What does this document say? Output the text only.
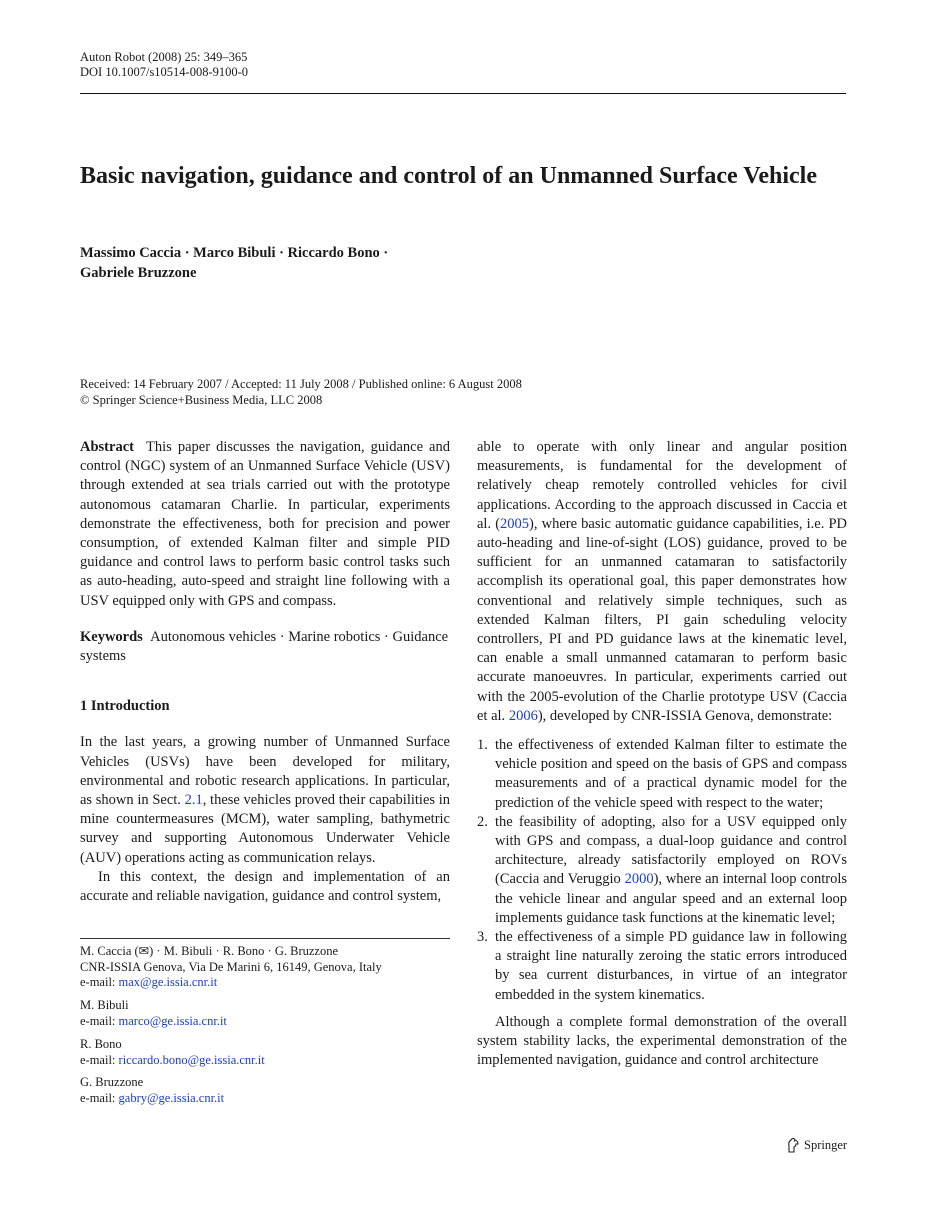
Auton Robot (2008) 25: 349–365
DOI 10.1007/s10514-008-9100-0
Basic navigation, guidance and control of an Unmanned Surface Vehicle
Massimo Caccia · Marco Bibuli · Riccardo Bono ·
Gabriele Bruzzone
Received: 14 February 2007 / Accepted: 11 July 2008 / Published online: 6 August 2008
© Springer Science+Business Media, LLC 2008

Abstract This paper discusses the navigation, guidance and control (NGC) system of an Unmanned Surface Vehicle (USV) through extended at sea trials carried out with the prototype autonomous catamaran Charlie. In particular, experiments demonstrate the effectiveness, both for precision and power consumption, of extended Kalman filter and simple PID guidance and control laws to perform basic control tasks such as auto-heading, auto-speed and straight line following with a USV equipped only with GPS and compass.

Keywords Autonomous vehicles · Marine robotics · Guidance systems

1 Introduction

In the last years, a growing number of Unmanned Surface Vehicles (USVs) have been developed for military, environmental and robotic research applications. In particular, as shown in Sect. 2.1, these vehicles proved their capabilities in mine countermeasures (MCM), water sampling, bathymetric survey and supporting Autonomous Underwater Vehicle (AUV) operations acting as communication relays.

In this context, the design and implementation of an accurate and reliable navigation, guidance and control system,

M. Caccia (✉) · M. Bibuli · R. Bono · G. Bruzzone
CNR-ISSIA Genova, Via De Marini 6, 16149, Genova, Italy
e-mail: max@ge.issia.cnr.it
M. Bibuli
e-mail: marco@ge.issia.cnr.it
R. Bono
e-mail: riccardo.bono@ge.issia.cnr.it
G. Bruzzone
e-mail: gabry@ge.issia.cnr.it

able to operate with only linear and angular position measurements, is fundamental for the development of relatively cheap remotely controlled vehicles for civil applications. According to the approach discussed in Caccia et al. (2005), where basic automatic guidance capabilities, i.e. PD auto-heading and line-of-sight (LOS) guidance, proved to be sufficient for an unmanned catamaran to satisfactorily accomplish its operational goal, this paper demonstrates how conventional and relatively simple techniques, such as extended Kalman filters, PI gain scheduling velocity controllers, PI and PD guidance laws at the kinematic level, can enable a small unmanned catamaran to perform basic accurate manoeuvres. In particular, experiments carried out with the 2005-evolution of the Charlie prototype USV (Caccia et al. 2006), developed by CNR-ISSIA Genova, demonstrate:

1. the effectiveness of extended Kalman filter to estimate the vehicle position and speed on the basis of GPS and compass measurements and of a practical dynamic model for the prediction of the vehicle speed with respect to the water;
2. the feasibility of adopting, also for a USV equipped only with GPS and compass, a dual-loop guidance and control architecture, already satisfactorily employed on ROVs (Caccia and Veruggio 2000), where an internal loop controls the vehicle linear and angular speed and an external loop implements guidance task functions at the kinematic level;
3. the effectiveness of a simple PD guidance law in following a straight line naturally zeroing the static errors introduced by sea current disturbances, in virtue of an integrator embedded in the system kinematics.

Although a complete formal demonstration of the overall system stability lacks, the experimental demonstration of the implemented navigation, guidance and control architecture

Springer
